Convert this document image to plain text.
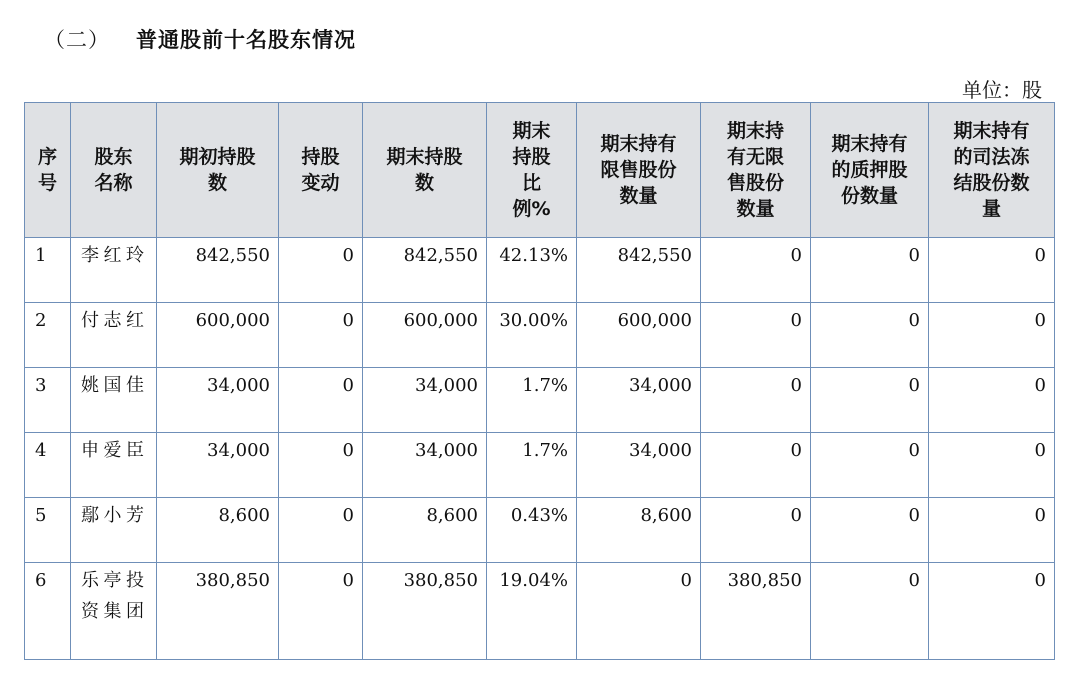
（二） 普通股前十名股东情况
单位：股
序号	股东名称	期初持股数	持股变动	期末持股数	期末持股比例%	期末持有限售股份数量	期末持有无限售股份数量	期末持有的质押股份数量	期末持有的司法冻结股份数量

1	李红玲	842,550	0	842,550	42.13%	842,550	0	0	0
2	付志红	600,000	0	600,000	30.00%	600,000	0	0	0
3	姚国佳	34,000	0	34,000	1.7%	34,000	0	0	0
4	申爱臣	34,000	0	34,000	1.7%	34,000	0	0	0
5	鄢小芳	8,600	0	8,600	0.43%	8,600	0	0	0
6	乐亭投资集团	380,850	0	380,850	19.04%	0	380,850	0	0
